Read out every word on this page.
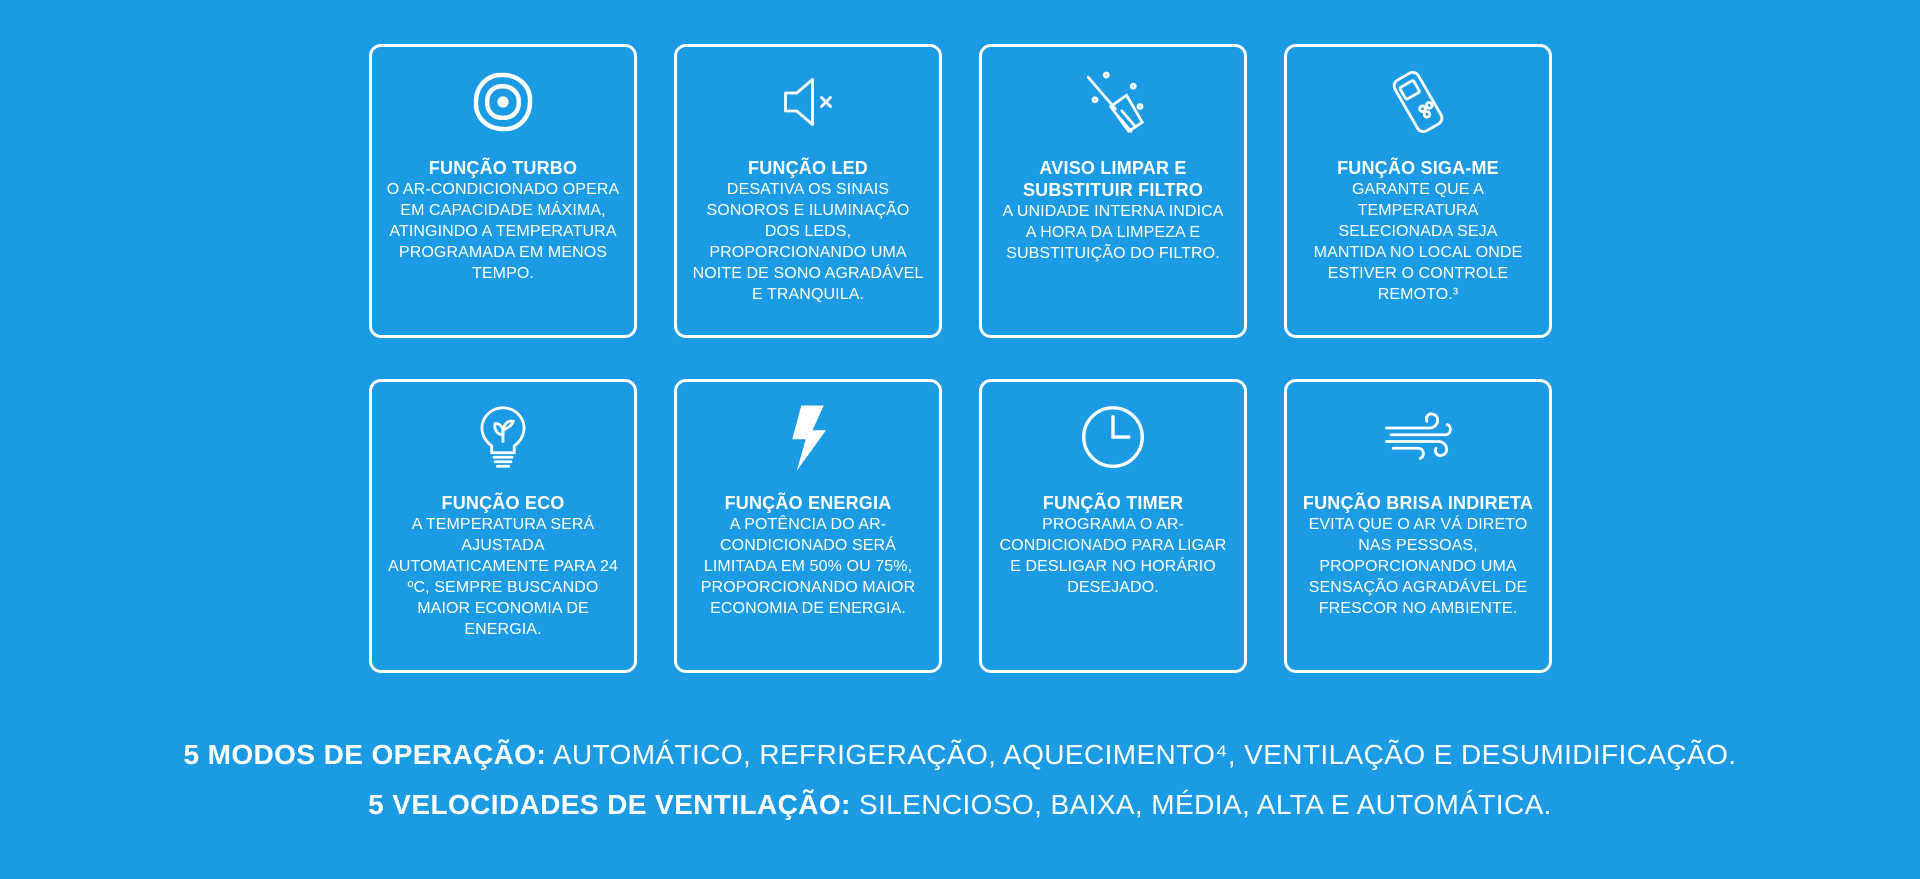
FUNÇÃO TURBO
O AR-CONDICIONADO OPERA EM CAPACIDADE MÁXIMA, ATINGINDO A TEMPERATURA PROGRAMADA EM MENOS TEMPO.
FUNÇÃO LED
DESATIVA OS SINAIS SONOROS E ILUMINAÇÃO DOS LEDS, PROPORCIONANDO UMA NOITE DE SONO AGRADÁVEL E TRANQUILA.
AVISO LIMPAR E SUBSTITUIR FILTRO
A UNIDADE INTERNA INDICA A HORA DA LIMPEZA E SUBSTITUIÇÃO DO FILTRO.
FUNÇÃO SIGA-ME
GARANTE QUE A TEMPERATURA SELECIONADA SEJA MANTIDA NO LOCAL ONDE ESTIVER O CONTROLE REMOTO.³
FUNÇÃO ECO
A TEMPERATURA SERÁ AJUSTADA AUTOMATICAMENTE PARA 24 ºC, SEMPRE BUSCANDO MAIOR ECONOMIA DE ENERGIA.
FUNÇÃO ENERGIA
A POTÊNCIA DO AR-CONDICIONADO SERÁ LIMITADA EM 50% OU 75%, PROPORCIONANDO MAIOR ECONOMIA DE ENERGIA.
FUNÇÃO TIMER
PROGRAMA O AR-CONDICIONADO PARA LIGAR E DESLIGAR NO HORÁRIO DESEJADO.
FUNÇÃO BRISA INDIRETA
EVITA QUE O AR VÁ DIRETO NAS PESSOAS, PROPORCIONANDO UMA SENSAÇÃO AGRADÁVEL DE FRESCOR NO AMBIENTE.
5 MODOS DE OPERAÇÃO: AUTOMÁTICO, REFRIGERAÇÃO, AQUECIMENTO⁴, VENTILAÇÃO E DESUMIDIFICAÇÃO.
5 VELOCIDADES DE VENTILAÇÃO: SILENCIOSO, BAIXA, MÉDIA, ALTA E AUTOMÁTICA.
